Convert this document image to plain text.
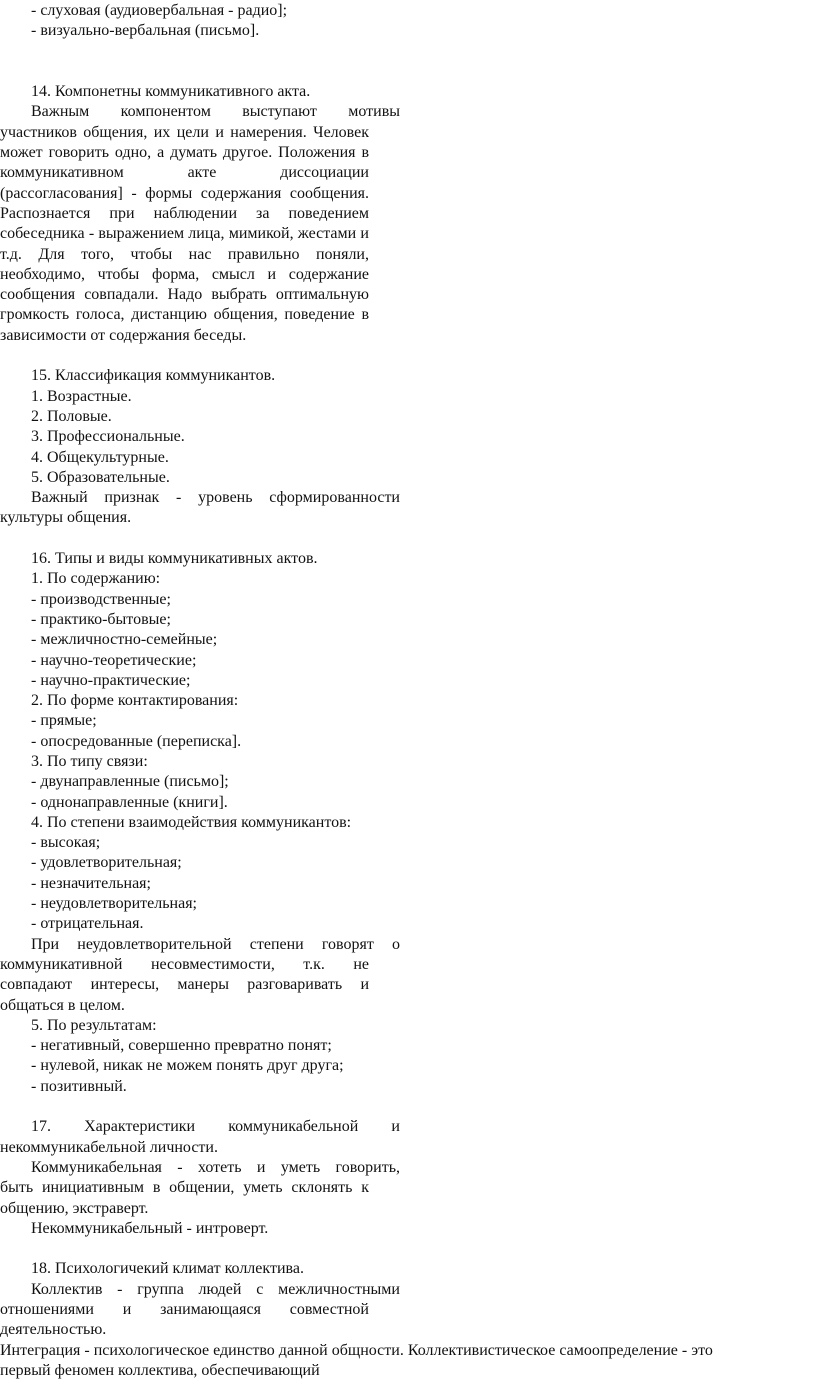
- слуховая (аудиовербальная - радио];
- визуально-вербальная (письмо].
14. Компонетны коммуникативного акта.
Важным компонентом выступают мотивы
участников общения, их цели и намерения. Человек
может говорить одно, а думать другое. Положения в
коммуникативном акте диссоциации
(рассогласования] - формы содержания сообщения.
Распознается при наблюдении за поведением
собеседника - выражением лица, мимикой, жестами и
т.д. Для того, чтобы нас правильно поняли,
необходимо, чтобы форма, смысл и содержание
сообщения совпадали. Надо выбрать оптимальную
громкость голоса, дистанцию общения, поведение в
зависимости от содержания беседы.
15. Классификация коммуникантов.
1. Возрастные.
2. Половые.
3. Профессиональные.
4. Общекультурные.
5. Образовательные.
Важный признак - уровень сформированности
культуры общения.
16. Типы и виды коммуникативных актов.
1. По содержанию:
- производственные;
- практико-бытовые;
- межличностно-семейные;
- научно-теоретические;
- научно-практические;
2. По форме контактирования:
- прямые;
- опосредованные (переписка].
3. По типу связи:
- двунаправленные (письмо];
- однонаправленные (книги].
4. По степени взаимодействия коммуникантов:
- высокая;
- удовлетворительная;
- незначительная;
- неудовлетворительная;
- отрицательная.
При неудовлетворительной степени говорят о
коммуникативной несовместимости, т.к. не
совпадают интересы, манеры разговаривать и
общаться в целом.
5. По результатам:
- негативный, совершенно превратно понят;
- нулевой, никак не можем понять друг друга;
- позитивный.
17. Характеристики коммуникабельной и
некоммуникабельной личности.
Коммуникабельная - хотеть и уметь говорить,
быть инициативным в общении, уметь склонять к
общению, экстраверт.
Некоммуникабельный - интроверт.
18. Психологичекий климат коллектива.
Коллектив - группа людей с межличностными
отношениями и занимающаяся совместной
деятельностью.
Интеграция - психологическое единство данной общности. Коллективистическое самоопределение - это
первый феномен коллектива, обеспечивающий
